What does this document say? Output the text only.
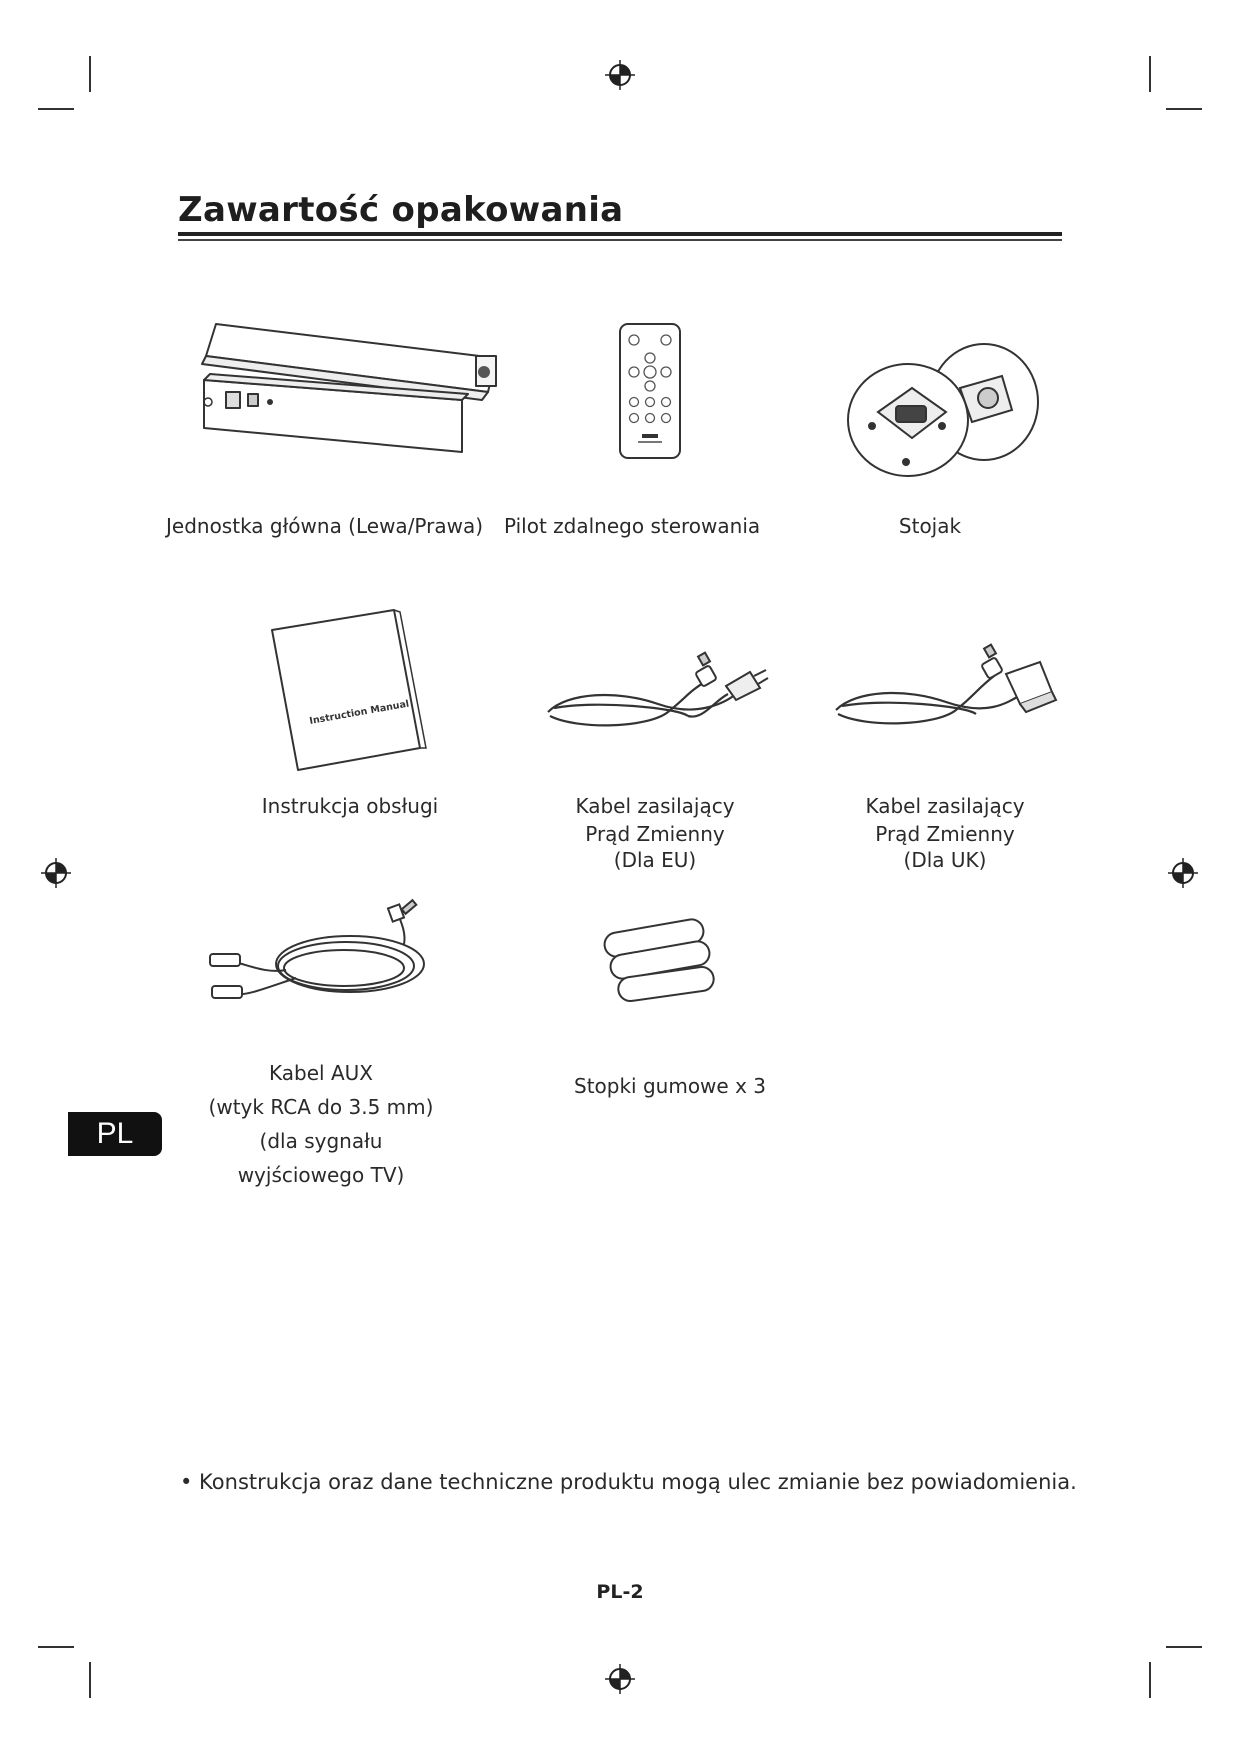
Zawartość opakowania
Jednostka główna (Lewa/Prawa) Pilot zdalnego sterowania	Stojak
Instruction Manual
Instrukcja obsługi	Kabel zasilający
Prąd Zmienny
(Dla EU)
Kabel zasilający
Prąd Zmienny
(Dla UK)
Kabel AUX
(wtyk RCA do 3.5 mm)
(dla sygnału
wyjściowego TV)
Stopki gumowe x 3
PL
• Konstrukcja oraz dane techniczne produktu mogą ulec zmianie bez powiadomienia.
PL-2
